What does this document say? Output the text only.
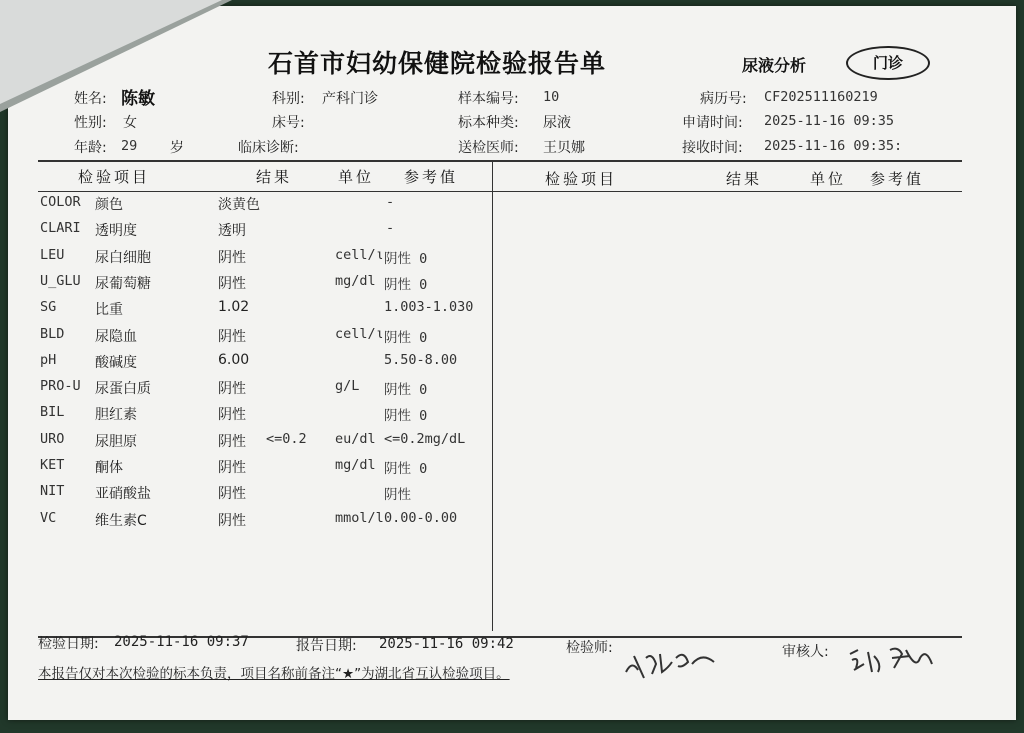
石首市妇幼保健院检验报告单	尿液分析	门诊
姓名: 陈敏
性别: 女
年龄: 29 岁
科别: 产科门诊
床号:
临床诊断:
样本编号: 10
标本种类: 尿液
送检医师: 王贝娜
病历号: CF202511160219
申请时间: 2025-11-16 09:35
接收时间: 2025-11-16 09:35:
检验项目	结果	单位 参考值	检验项目	结果	单位 参考值
COLOR 颜色	淡黄色	-
CLARI 透明度	透明	-
LEU 尿白细胞	阴性	cell/ι 阴性 0
U_GLU 尿葡萄糖	阴性	mg/dl 阴性 0
SG	比重	1.02	1.003-1.030
BLD 尿隐血	阴性	cell/ι 阴性 0
pH	酸碱度	6.00	5.50-8.00
PRO-U 尿蛋白质	阴性	g/L 阴性 0
BIL 胆红素	阴性	阴性 0
URO 尿胆原	阴性 <=0.2 eu/dl <=0.2mg/dL
KET 酮体	阴性	mg/dl 阴性 0
NIT 亚硝酸盐	阴性	阴性
VC	维生素C	阴性	mmol/l 0.00-0.00
检验日期: 2025-11-16 09:37	报告日期: 2025-11-16 09:42	检验师:	审核人:
本报告仅对本次检验的标本负责，项目名称前备注“★”为湖北省互认检验项目。
